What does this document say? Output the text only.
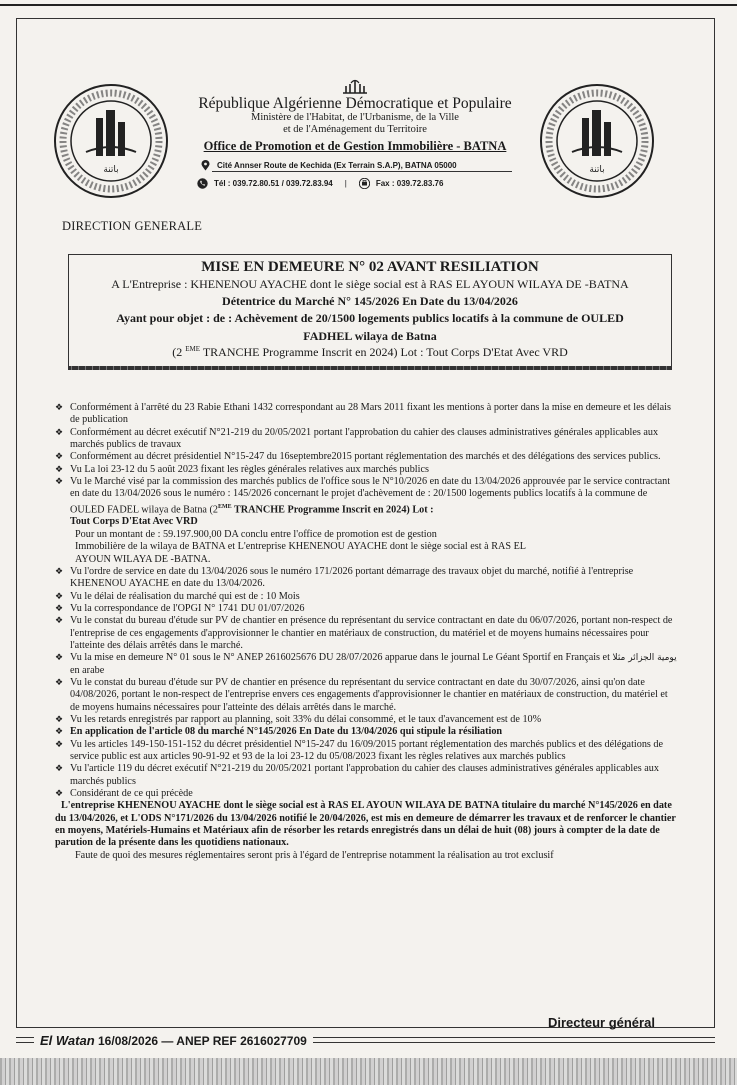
باتنة	باتنة
République Algérienne Démocratique et Populaire
Ministère de l'Habitat, de l'Urbanisme, de la Ville
et de l'Aménagement du Territoire
Office de Promotion et de Gestion Immobilière - BATNA
Cité Annser Route de Kechida (Ex Terrain S.A.P), BATNA 05000
Tél : 039.72.80.51 / 039.72.83.94 |	Fax : 039.72.83.76
DIRECTION GENERALE
MISE EN DEMEURE N° 02 AVANT RESILIATION
A L'Entreprise : KHENENOU AYACHE dont le siège social est à RAS EL AYOUN WILAYA DE -BATNA
Détentrice du Marché N° 145/2026 En Date du 13/04/2026
Ayant pour objet : de : Achèvement de 20/1500 logements publics locatifs à la commune de OULED
FADHEL wilaya de Batna
(2 $^{EME}$ TRANCHE Programme Inscrit en 2024) Lot : Tout Corps D'Etat Avec VRD

❖ Conformément à l'arrêté du 23 Rabie Ethani 1432 correspondant au 28 Mars 2011 fixant les mentions à porter dans la mise en demeure et les délais de publication

❖ Conformément au décret exécutif N°21-219 du 20/05/2021 portant l'approbation du cahier des clauses administratives générales applicables aux marchés publics de travaux

❖ Conformément au décret présidentiel N°15-247 du 16septembre2015 portant réglementation des marchés et des délégations des services publics.

❖ Vu La loi 23-12 du 5 août 2023 fixant les règles générales relatives aux marchés publics

❖ Vu le Marché visé par la commission des marchés publics de l'office sous le N°10/2026 en date du 13/04/2026 approuvée par le service contractant en date du 13/04/2026 sous le numéro : 145/2026 concernant le projet d'achèvement de : 20/1500 logements publics locatifs à la commune de OULED FADEL wilaya de Batna (2EME TRANCHE Programme Inscrit en 2024) Lot :
Tout Corps D'Etat Avec VRD

Pour un montant de : 59.197.900,00 DA conclu entre l'office de promotion est de gestion

Immobilière de la wilaya de BATNA et L'entreprise KHENENOU AYACHE dont le siège social est à RAS EL

AYOUN WILAYA DE -BATNA.

❖ Vu l'ordre de service en date du 13/04/2026 sous le numéro 171/2026 portant démarrage des travaux objet du marché, notifié à l'entreprise KHENENOU AYACHE en date du 13/04/2026.

❖ Vu le délai de réalisation du marché qui est de : 10 Mois

❖ Vu la correspondance de l'OPGI N° 1741 DU 01/07/2026

❖ Vu le constat du bureau d'étude sur PV de chantier en présence du représentant du service contractant en date du 06/07/2026, portant non-respect de l'entreprise de ces engagements d'approvisionner le chantier en matériaux de construction, du matériel et de moyens humains nécessaires pour l'atteinte des délais arrêtés dans le marché.

❖ Vu la mise en demeure N° 01 sous le N° ANEP 2616025676 DU 28/07/2026 apparue dans le journal Le Géant Sportif en Français et يومية الجزائر مثلا en arabe

❖ Vu le constat du bureau d'étude sur PV de chantier en présence du représentant du service contractant en date du 30/07/2026, ainsi qu'on date 04/08/2026, portant le non-respect de l'entreprise envers ces engagements d'approvisionner le chantier en matériaux de construction, du matériel et de moyens humains nécessaires pour l'atteinte des délais arrêtés dans le marché.

❖ Vu les retards enregistrés par rapport au planning, soit 33% du délai consommé, et le taux d'avancement est de 10%

❖ En application de l'article 08 du marché N°145/2026 En Date du 13/04/2026 qui stipule la résiliation

❖ Vu les articles 149-150-151-152 du décret présidentiel N°15-247 du 16/09/2015 portant réglementation des marchés publics et des délégations de service public est aux articles 90-91-92 et 93 de la loi 23-12 du 05/08/2023 fixant les règles relatives aux marchés publics

❖ Vu l'article 119 du décret exécutif N°21-219 du 20/05/2021 portant l'approbation du cahier des clauses administratives générales applicables aux marchés publics

❖ Considérant de ce qui précède

L'entreprise KHENENOU AYACHE dont le siège social est à RAS EL AYOUN WILAYA DE BATNA titulaire du marché N°145/2026 en date du 13/04/2026, et L'ODS N°171/2026 du 13/04/2026 notifié le 20/04/2026, est mis en demeure de démarrer les travaux et de renforcer le chantier en moyens, Matériels-Humains et Matériaux afin de résorber les retards enregistrés dans un délai de huit (08) jours à compter de la date de parution de la présente dans les quotidiens nationaux.

Faute de quoi des mesures réglementaires seront pris à l'égard de l'entreprise notamment la réalisation au trot exclusif

Directeur général
El Watan 16/08/2026 — ANEP REF 2616027709
